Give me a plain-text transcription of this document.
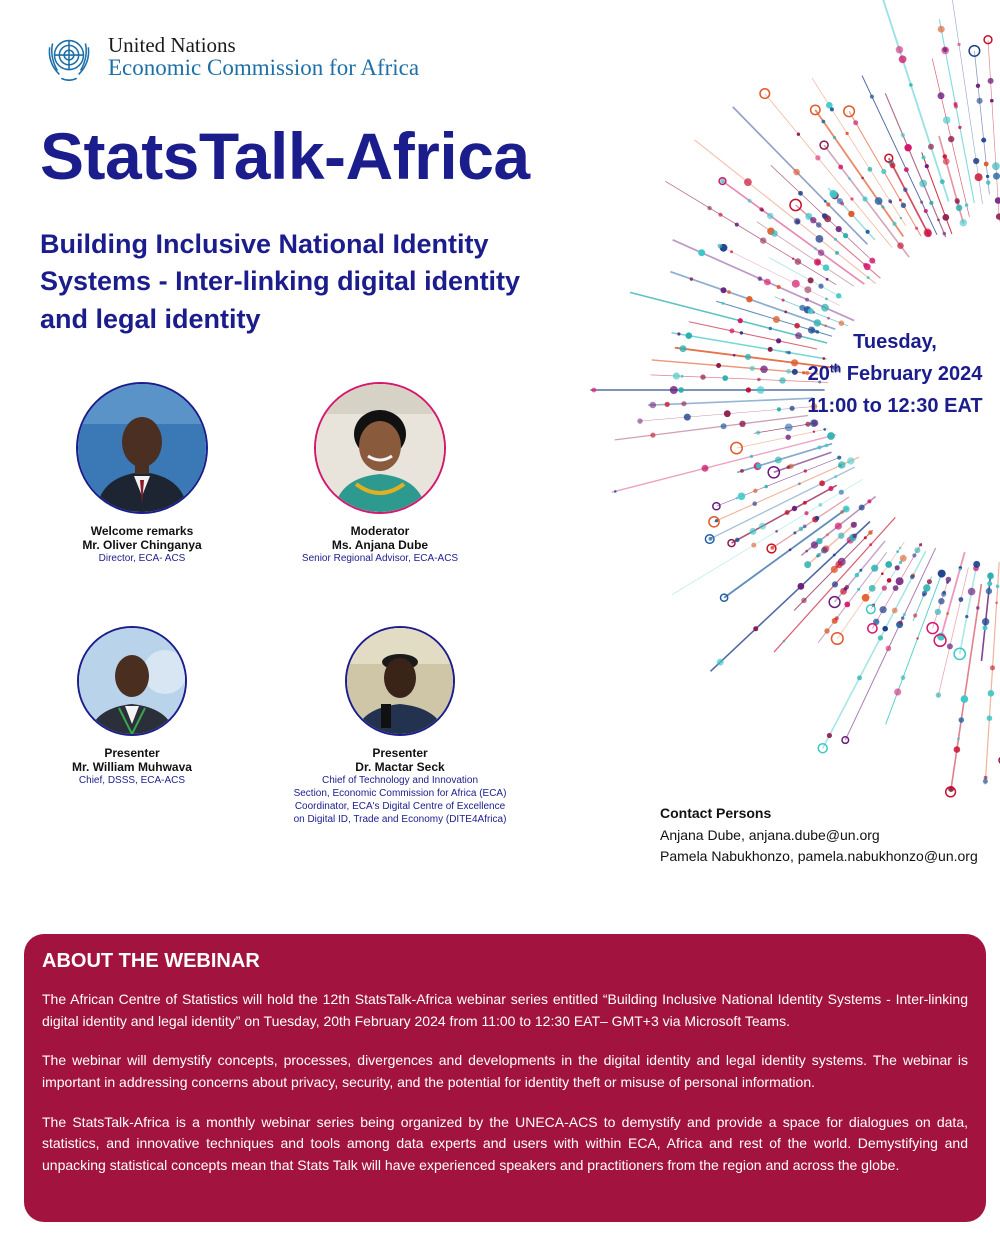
United Nations
Economic Commission for Africa
StatsTalk-Africa

Building Inclusive National Identity Systems - Inter-linking digital identity and legal identity

Tuesday,
20th February 2024
11:00 to 12:30 EAT
Welcome remarks
Mr. Oliver Chinganya
Director, ECA- ACS
Moderator
Ms. Anjana Dube
Senior Regional Advisor, ECA-ACS
Presenter
Mr. William Muhwava
Chief, DSSS, ECA-ACS
Presenter
Dr. Mactar Seck
Chief of Technology and Innovation
Section, Economic Commission for Africa (ECA)
Coordinator, ECA's Digital Centre of Excellence
on Digital ID, Trade and Economy (DITE4Africa)	Contact Persons
Anjana Dube, anjana.dube@un.org
Pamela Nabukhonzo, pamela.nabukhonzo@un.org
ABOUT THE WEBINAR

The African Centre of Statistics will hold the 12th StatsTalk-Africa webinar series entitled “Building Inclusive National Identity Systems - Inter-linking digital identity and legal identity” on Tuesday, 20th February 2024 from 11:00 to 12:30 EAT– GMT+3 via Microsoft Teams.

The webinar will demystify concepts, processes, divergences and developments in the digital identity and legal identity systems. The webinar is important in addressing concerns about privacy, security, and the potential for identity theft or misuse of personal information.

The StatsTalk-Africa is a monthly webinar series being organized by the UNECA-ACS to demystify and provide a space for dialogues on data, statistics, and innovative techniques and tools among data experts and users with within ECA, Africa and rest of the world. Demystifying and unpacking statistical concepts mean that Stats Talk will have experienced speakers and practitioners from the region and across the globe.
